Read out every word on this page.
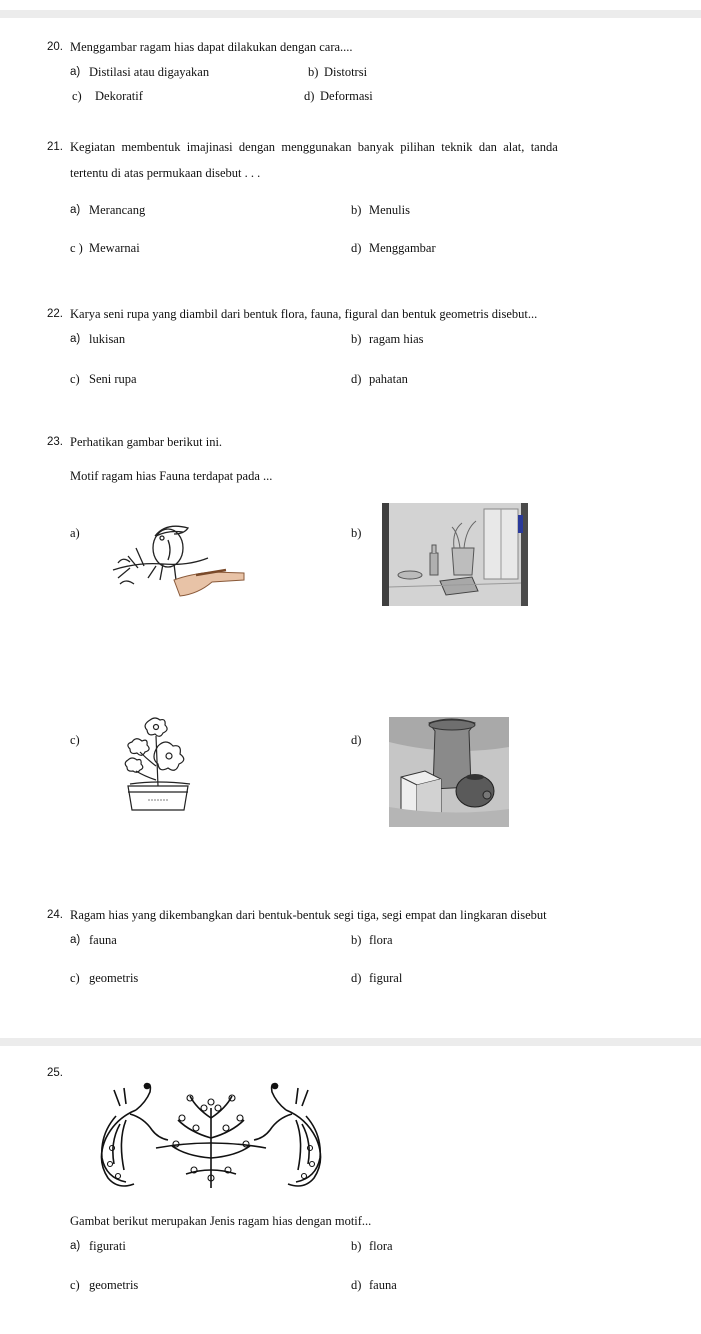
20. Menggambar ragam hias dapat dilakukan dengan cara....
a) Distilasi atau digayakan	b) Distotrsi
c) Dekoratif	d) Deformasi
21. Kegiatan membentuk imajinasi dengan menggunakan banyak pilihan teknik dan alat, tanda
tertentu di atas permukaan disebut . . .
a) Merancang	b) Menulis
c ) Mewarnai	d) Menggambar
22. Karya seni rupa yang diambil dari bentuk flora, fauna, figural dan bentuk geometris disebut...
a) lukisan	b) ragam hias
c) Seni rupa	d) pahatan
23. Perhatikan gambar berikut ini.
Motif ragam hias Fauna terdapat pada ...
a)	b)
c)	d)
24. Ragam hias yang dikembangkan dari bentuk-bentuk segi tiga, segi empat dan lingkaran disebut
a) fauna	b) flora
c) geometris	d) figural
25.
Gambat berikut merupakan Jenis ragam hias dengan motif...
a) figurati	b) flora
c) geometris	d) fauna
